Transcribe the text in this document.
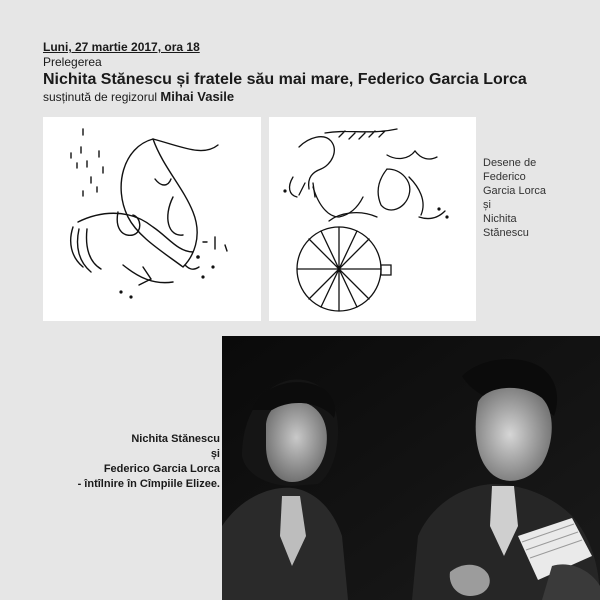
Luni, 27 martie 2017, ora 18
Prelegerea
Nichita Stănescu și fratele său mai mare, Federico Garcia Lorca
susținută de regizorul Mihai Vasile
Desene de
Federico
Garcia Lorca
și
Nichita
Stănescu
Nichita Stănescu
și
Federico Garcia Lorca
- întîlnire în Cîmpiile Elizee.
